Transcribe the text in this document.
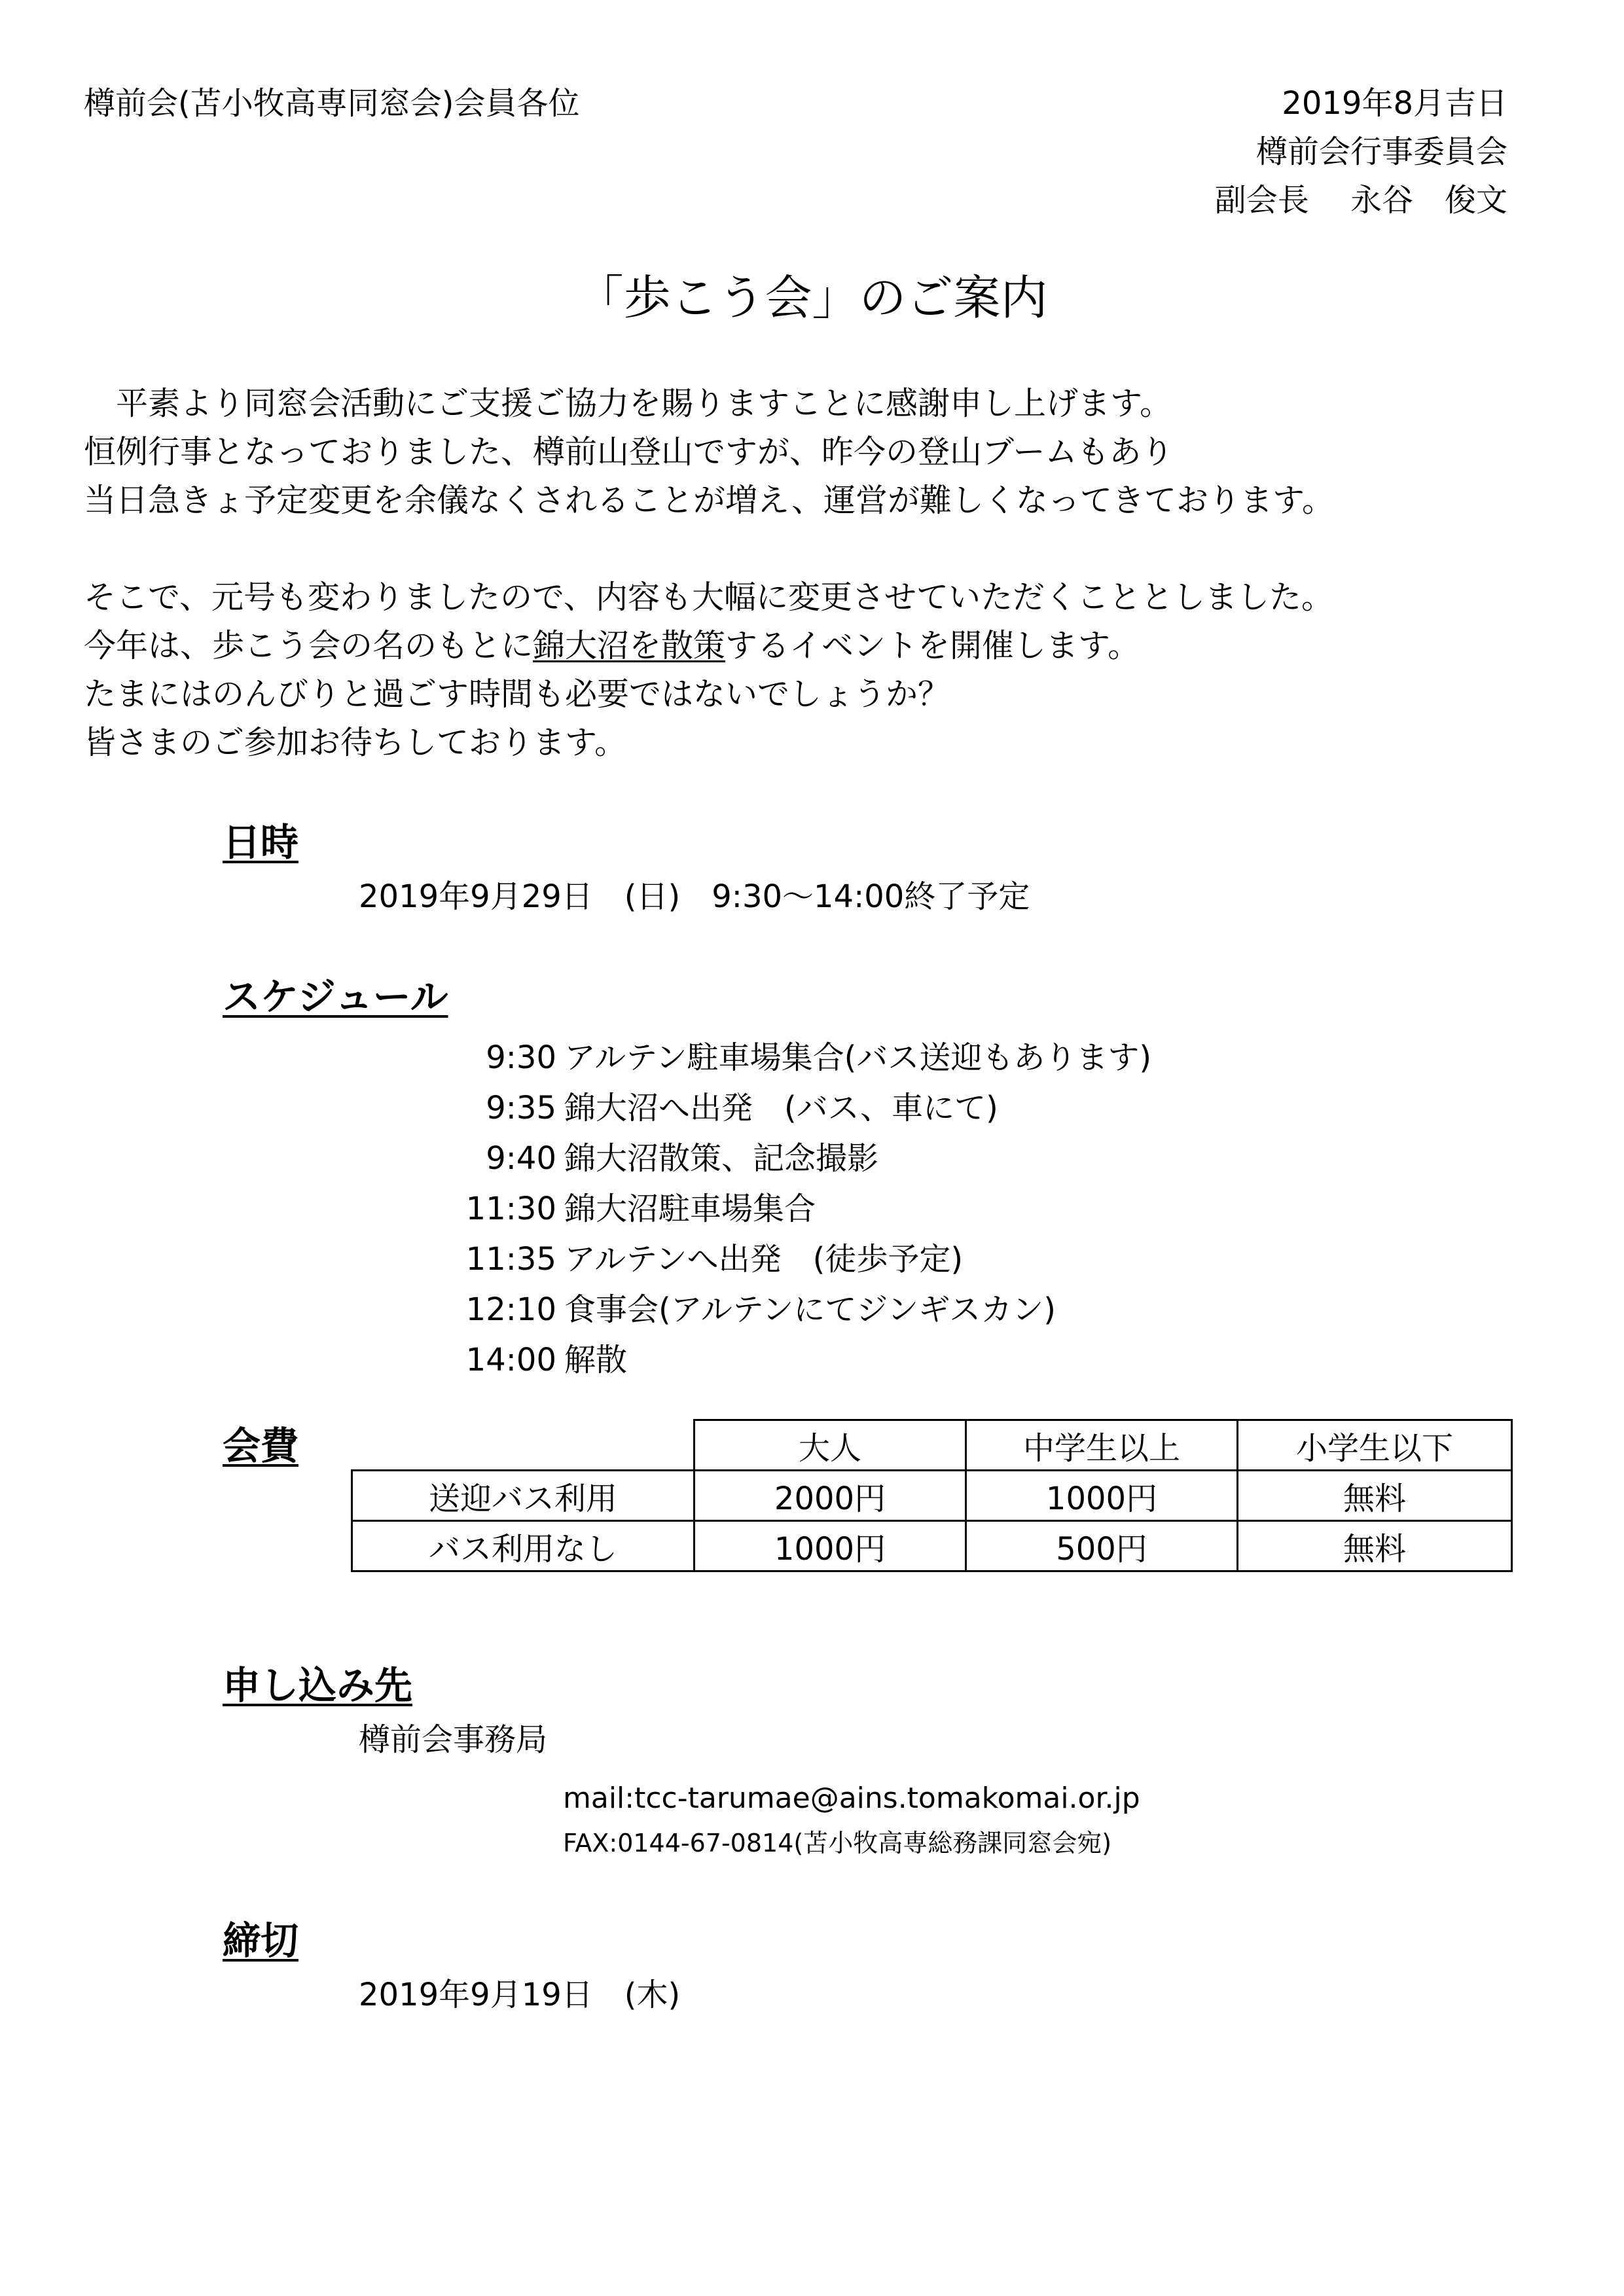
樽前会(苫小牧高専同窓会)会員各位	2019年8月吉日
樽前会行事委員会
副会長　 永谷　俊文
「歩こう会」のご案内

　平素より同窓会活動にご支援ご協力を賜りますことに感謝申し上げます。

恒例行事となっておりました、樽前山登山ですが、昨今の登山ブームもあり

当日急きょ予定変更を余儀なくされることが増え、運営が難しくなってきております。

そこで、元号も変わりましたので、内容も大幅に変更させていただくこととしました。

今年は、歩こう会の名のもとに錦大沼を散策するイベントを開催します。

たまにはのんびりと過ごす時間も必要ではないでしょうか？

皆さまのご参加お待ちしております。

日時
2019年9月29日　(日)　9:30～14:00終了予定
スケジュール
9:30 アルテン駐車場集合(バス送迎もあります)
9:35 錦大沼へ出発　(バス、車にて)
9:40 錦大沼散策、記念撮影
11:30 錦大沼駐車場集合
11:35 アルテンへ出発　(徒歩予定)
12:10 食事会(アルテンにてジンギスカン)
14:00 解散
会費
		大人	中学生以上	小学生以下
送迎バス利用	2000円	1000円	無料
バス利用なし	1000円	500円	無料
申し込み先
樽前会事務局
mail:tcc-tarumae@ains.tomakomai.or.jp
FAX:0144-67-0814(苫小牧高専総務課同窓会宛)
締切
2019年9月19日　(木)
